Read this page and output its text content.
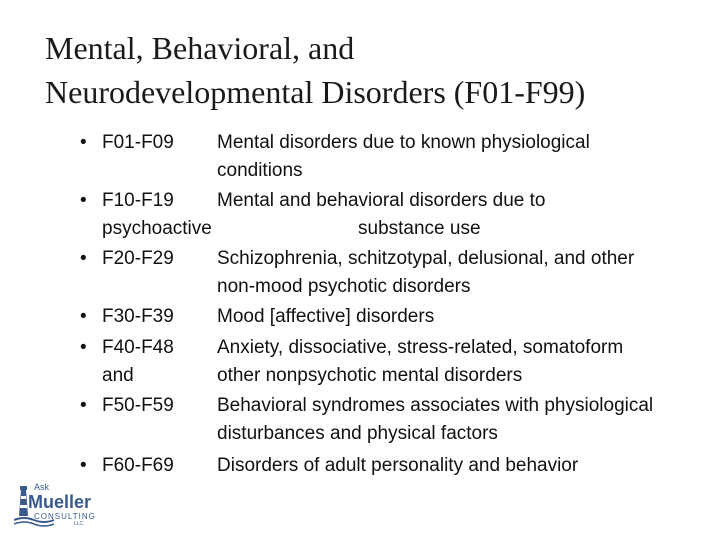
Mental, Behavioral, and
Neurodevelopmental Disorders (F01-F99)
• F01-F09 Mental disorders due to known physiological
conditions
• F10-F19 Mental and behavioral disorders due to
psychoactive	substance use
• F20-F29 Schizophrenia, schitzotypal, delusional, and other
non-mood psychotic disorders
• F30-F39 Mood [affective] disorders
• F40-F48 Anxiety, dissociative, stress-related, somatoform
and	other nonpsychotic mental disorders
• F50-F59 Behavioral syndromes associates with physiological
disturbances and physical factors
• F60-F69 Disorders of adult personality and behavior
Ask
Mueller
CONSULTING
LLC
